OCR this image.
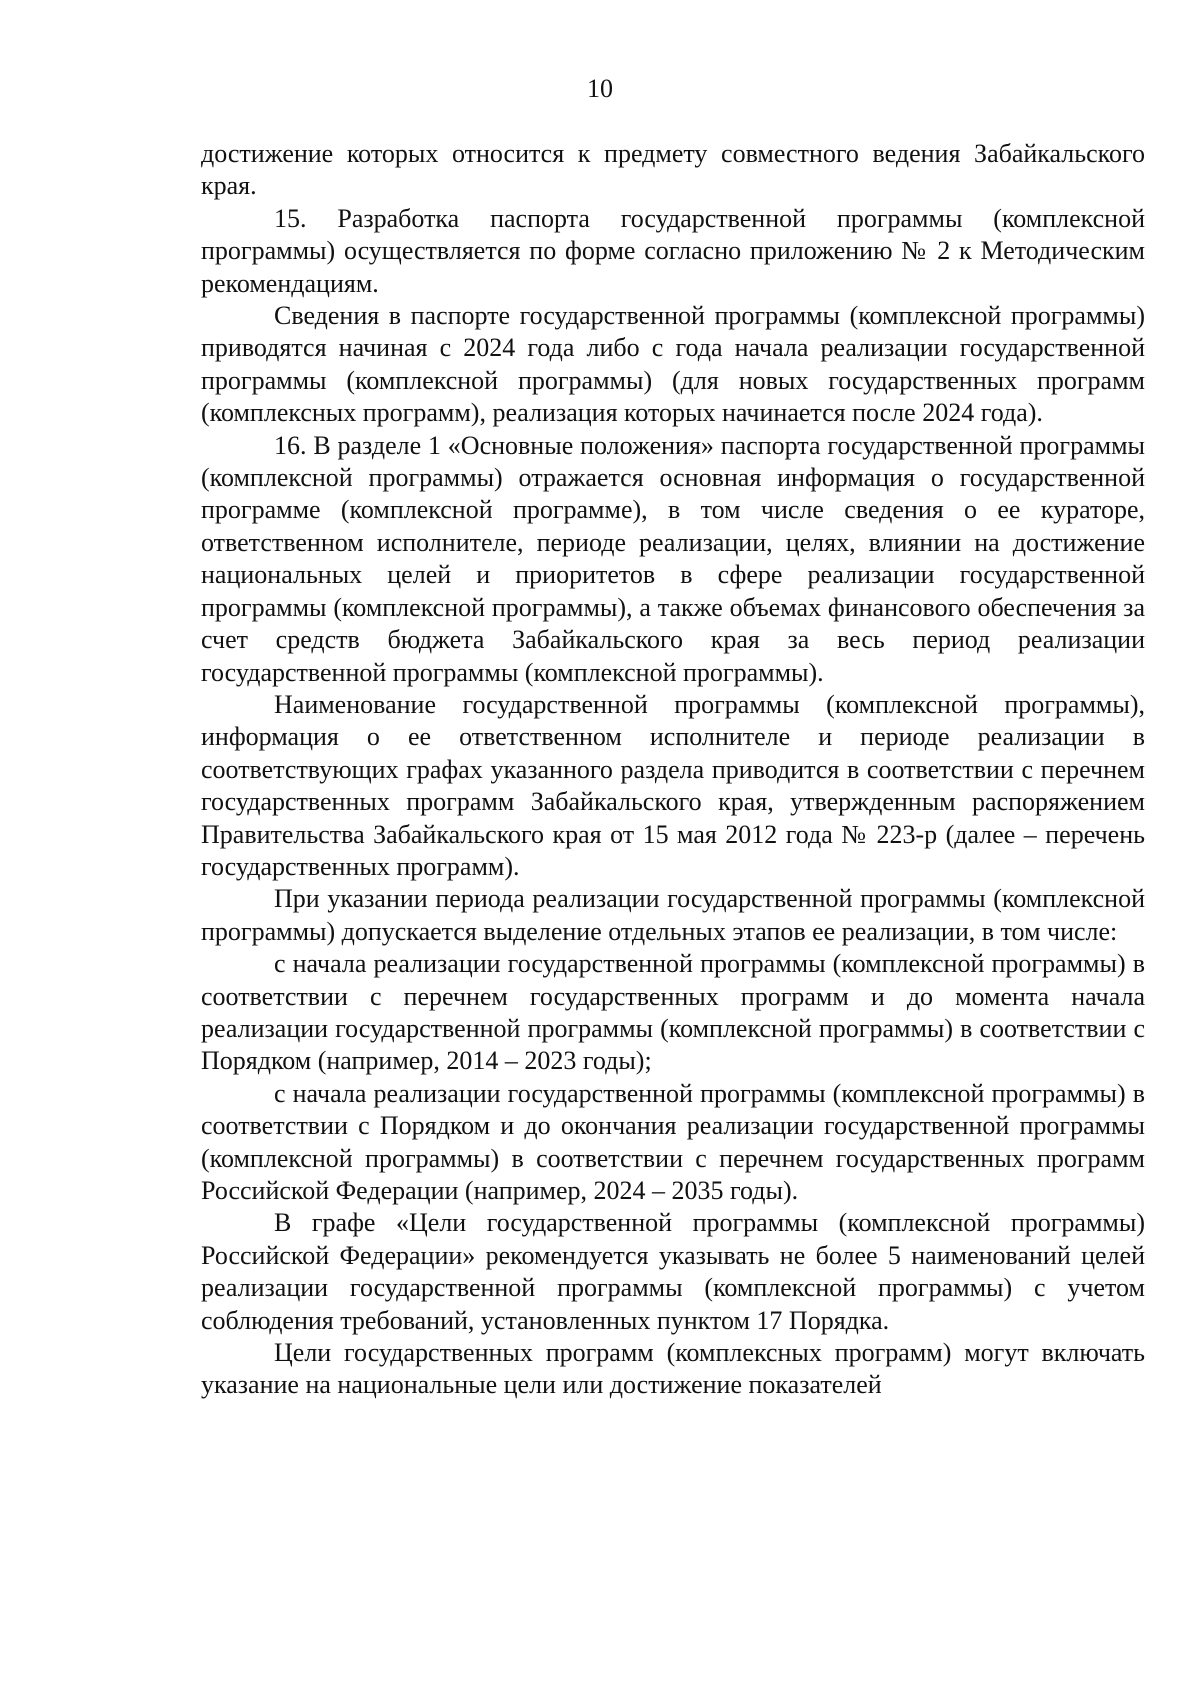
10

достижение которых относится к предмету совместного ведения Забайкальского края.

15. Разработка паспорта государственной программы (комплексной программы) осуществляется по форме согласно приложению № 2 к Методическим рекомендациям.

Сведения в паспорте государственной программы (комплексной программы) приводятся начиная с 2024 года либо с года начала реализации государственной программы (комплексной программы) (для новых государственных программ (комплексных программ), реализация которых начинается после 2024 года).

16. В разделе 1 «Основные положения» паспорта государственной программы (комплексной программы) отражается основная информация о государственной программе (комплексной программе), в том числе сведения о ее кураторе, ответственном исполнителе, периоде реализации, целях, влиянии на достижение национальных целей и приоритетов в сфере реализации государственной программы (комплексной программы), а также объемах финансового обеспечения за счет средств бюджета Забайкальского края за весь период реализации государственной программы (комплексной программы).

Наименование государственной программы (комплексной программы), информация о ее ответственном исполнителе и периоде реализации в соответствующих графах указанного раздела приводится в соответствии с перечнем государственных программ Забайкальского края, утвержденным распоряжением Правительства Забайкальского края от 15 мая 2012 года № 223-р (далее – перечень государственных программ).

При указании периода реализации государственной программы (комплексной программы) допускается выделение отдельных этапов ее реализации, в том числе:

с начала реализации государственной программы (комплексной программы) в соответствии с перечнем государственных программ и до момента начала реализации государственной программы (комплексной программы) в соответствии с Порядком (например, 2014 – 2023 годы);

с начала реализации государственной программы (комплексной программы) в соответствии с Порядком и до окончания реализации государственной программы (комплексной программы) в соответствии с перечнем государственных программ Российской Федерации (например, 2024 – 2035 годы).

В графе «Цели государственной программы (комплексной программы) Российской Федерации» рекомендуется указывать не более 5 наименований целей реализации государственной программы (комплексной программы) с учетом соблюдения требований, установленных пунктом 17 Порядка.

Цели государственных программ (комплексных программ) могут включать указание на национальные цели или достижение показателей
